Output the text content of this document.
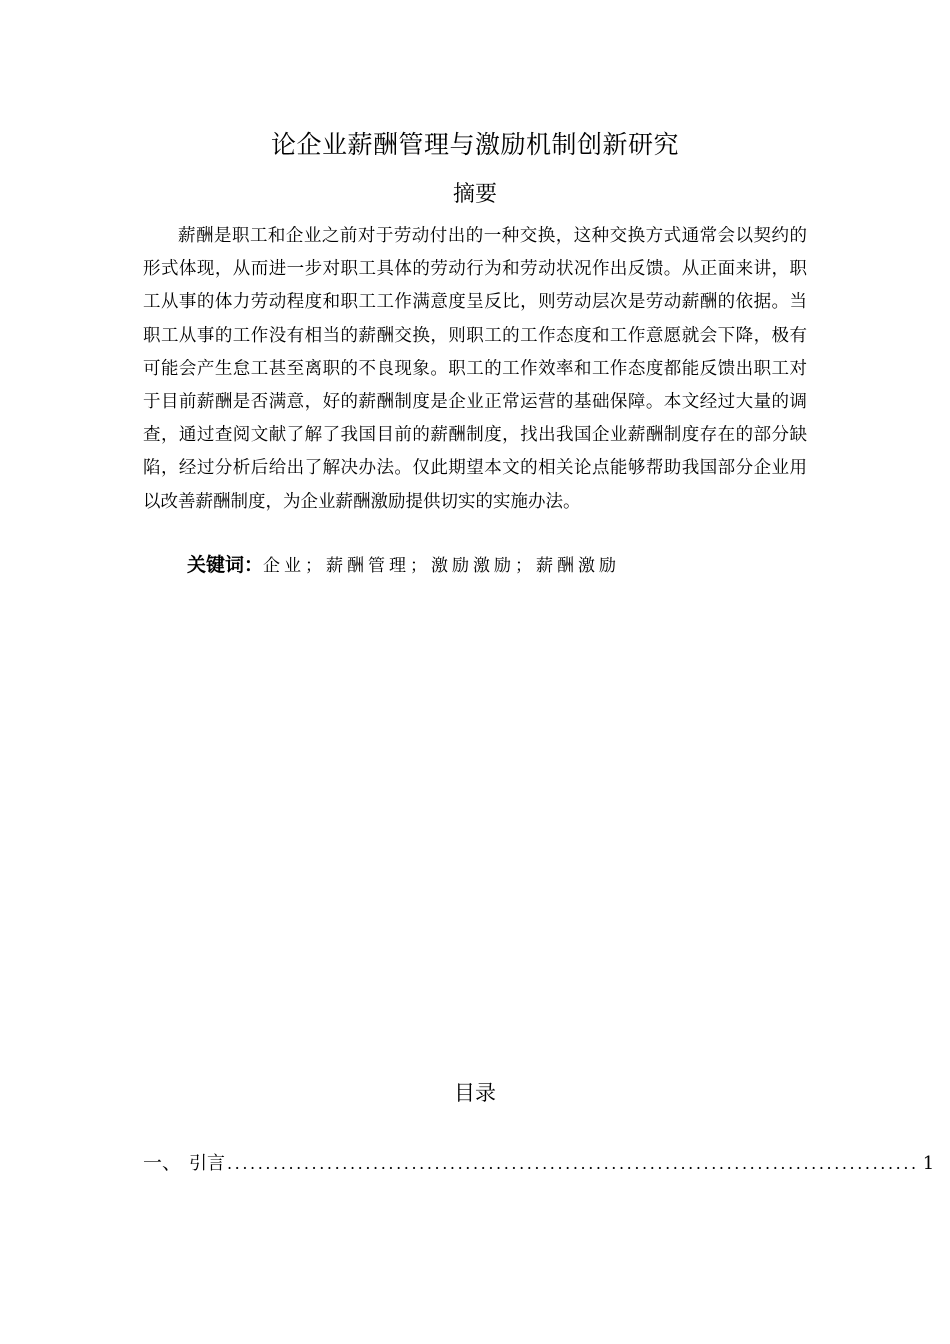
论企业薪酬管理与激励机制创新研究
摘要

薪酬是职工和企业之前对于劳动付出的一种交换，这种交换方式通常会以契约的形式体现，从而进一步对职工具体的劳动行为和劳动状况作出反馈。从正面来讲，职工从事的体力劳动程度和职工工作满意度呈反比，则劳动层次是劳动薪酬的依据。当职工从事的工作没有相当的薪酬交换，则职工的工作态度和工作意愿就会下降，极有可能会产生怠工甚至离职的不良现象。职工的工作效率和工作态度都能反馈出职工对于目前薪酬是否满意，好的薪酬制度是企业正常运营的基础保障。本文经过大量的调查，通过查阅文献了解了我国目前的薪酬制度，找出我国企业薪酬制度存在的部分缺陷，经过分析后给出了解决办法。仅此期望本文的相关论点能够帮助我国部分企业用以改善薪酬制度，为企业薪酬激励提供切实的实施办法。

关键词：企业；薪酬管理；激励激励；薪酬激励
目录
一、 引言 .......................................................................................... 1
